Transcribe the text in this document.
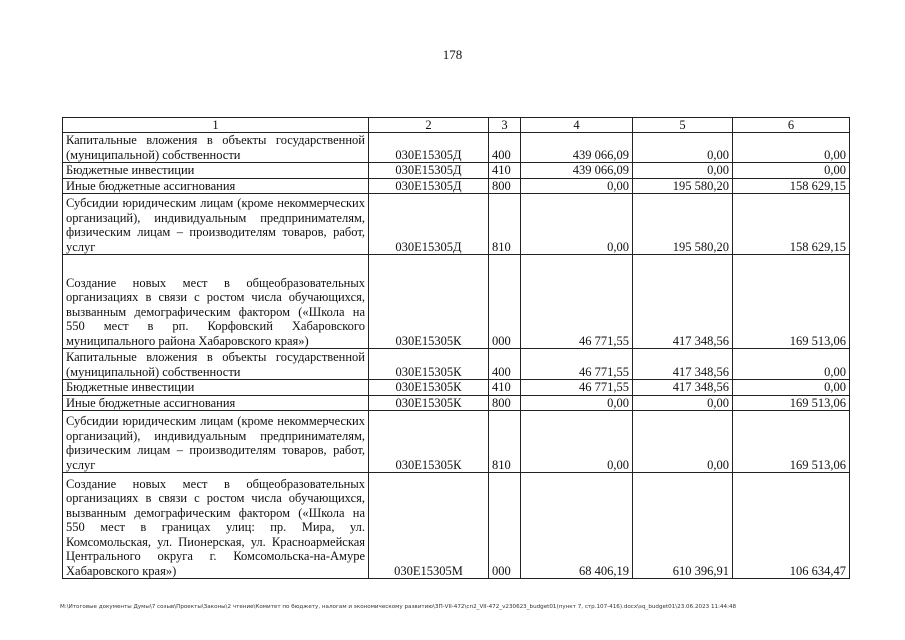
178
1	2	3	4	5	6
Капитальные вложения в объекты государственной (муниципальной) собственности	030Е15305Д	400	439 066,09	0,00	0,00
Бюджетные инвестиции	030Е15305Д	410	439 066,09	0,00	0,00
Иные бюджетные ассигнования	030Е15305Д	800	0,00	195 580,20	158 629,15
Субсидии юридическим лицам (кроме некоммерческих организаций), индивидуальным предпринимателям, физическим лицам – производителям товаров, работ, услуг	030Е15305Д	810	0,00	195 580,20	158 629,15
Создание новых мест в общеобразовательных организациях в связи с ростом числа обучающихся, вызванным демографическим фактором («Школа на 550 мест в рп. Корфовский Хабаровского муниципального района Хабаровского края»)	030Е15305К	000	46 771,55	417 348,56	169 513,06
Капитальные вложения в объекты государственной (муниципальной) собственности	030Е15305К	400	46 771,55	417 348,56	0,00
Бюджетные инвестиции	030Е15305К	410	46 771,55	417 348,56	0,00
Иные бюджетные ассигнования	030Е15305К	800	0,00	0,00	169 513,06
Субсидии юридическим лицам (кроме некоммерческих организаций), индивидуальным предпринимателям, физическим лицам – производителям товаров, работ, услуг	030Е15305К	810	0,00	0,00	169 513,06
Создание новых мест в общеобразовательных организациях в связи с ростом числа обучающихся, вызванным демографическим фактором («Школа на 550 мест в границах улиц: пр. Мира, ул. Комсомольская, ул. Пионерская, ул. Красноармейская Центрального округа г. Комсомольска-на-Амуре Хабаровского края»)	030Е15305М	000	68 406,19	610 396,91	106 634,47
M:\Итоговые документы Думы\7 созыв\Проекты\Законы\2 чтение\Комитет по бюджету, налогам и экономическому развитию\ЗП-VII-472\сп2_VII-472_v230623_budget01(пункт 7, стр.107-416).docx\sq_budget01\23.06.2023 11:44:48
